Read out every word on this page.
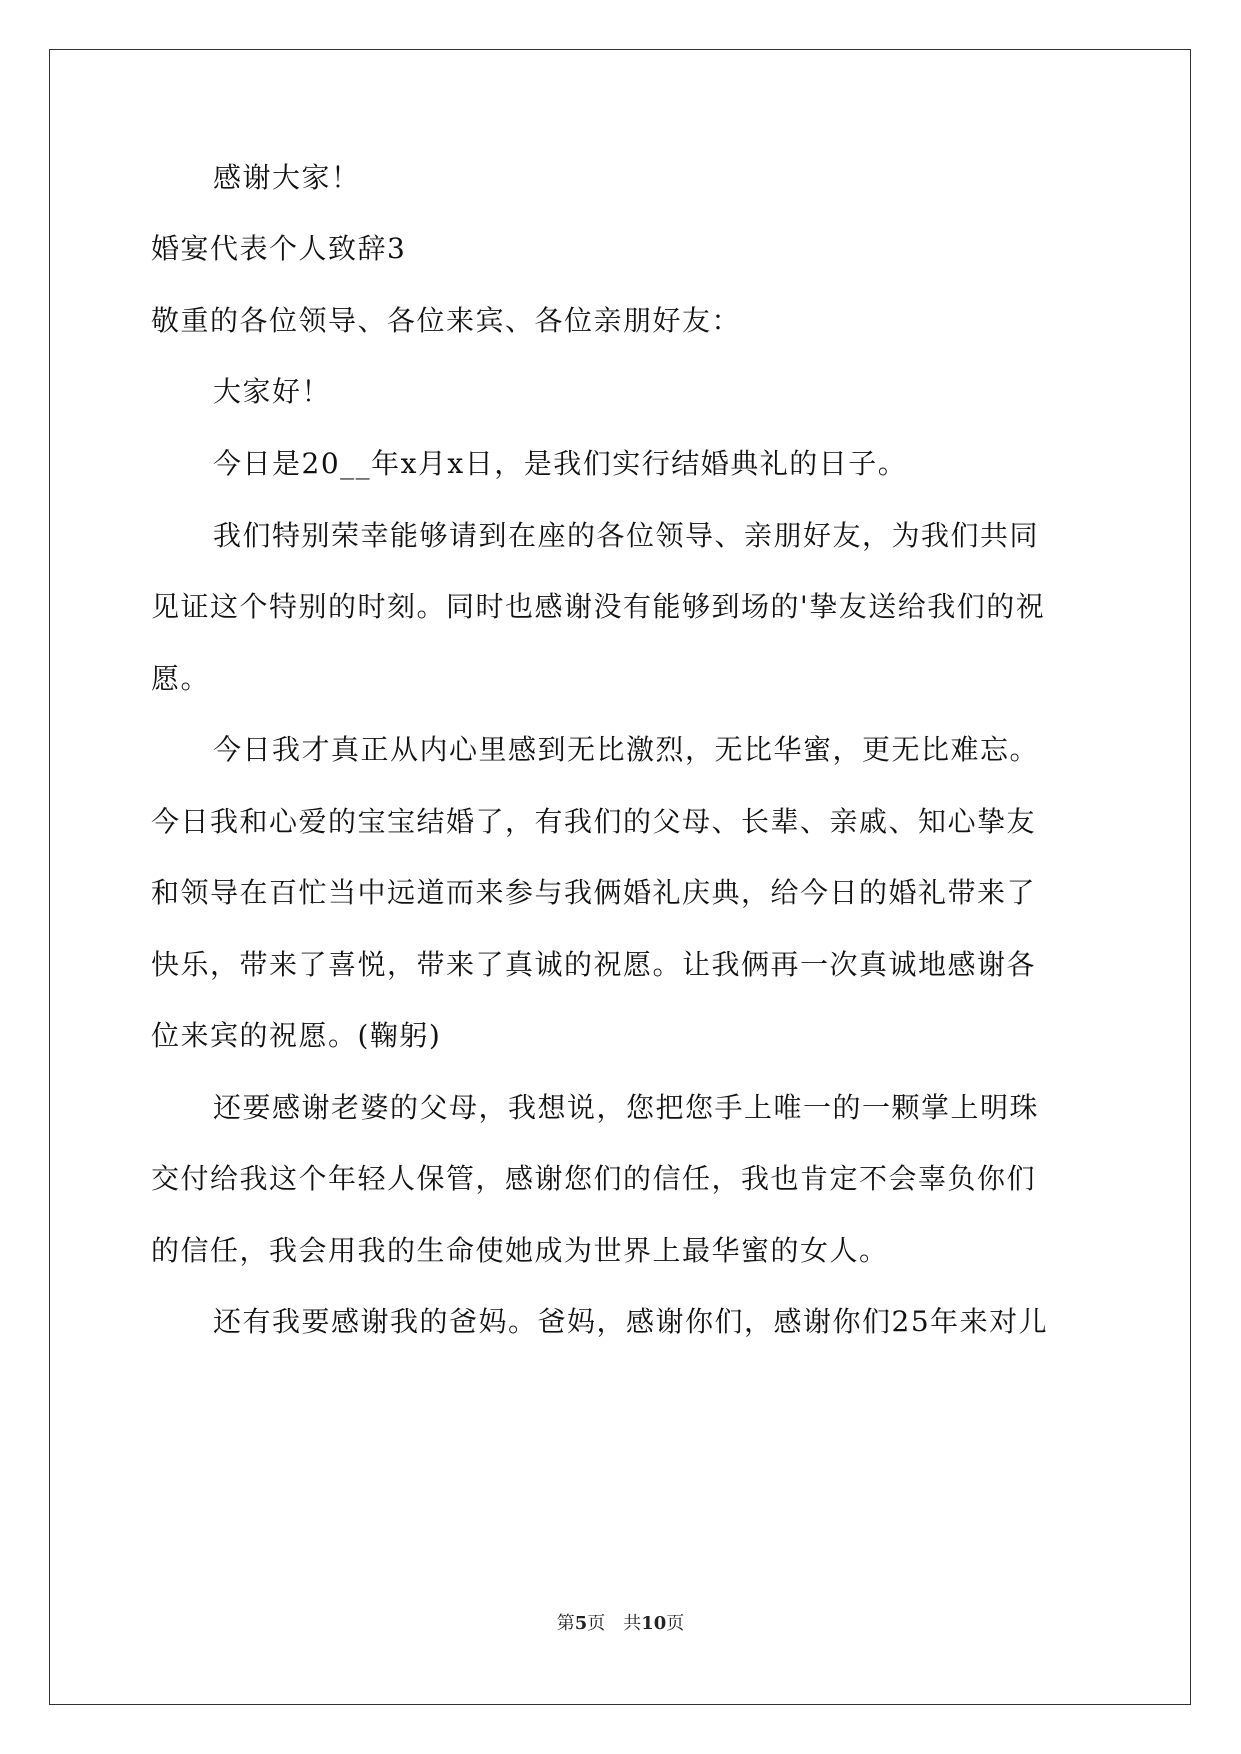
感谢大家！
婚宴代表个人致辞3
敬重的各位领导、各位来宾、各位亲朋好友：
大家好！
今日是20__年x月x日，是我们实行结婚典礼的日子。
我们特别荣幸能够请到在座的各位领导、亲朋好友，为我们共同
见证这个特别的时刻。同时也感谢没有能够到场的'挚友送给我们的祝
愿。
今日我才真正从内心里感到无比激烈，无比华蜜，更无比难忘。
今日我和心爱的宝宝结婚了，有我们的父母、长辈、亲戚、知心挚友
和领导在百忙当中远道而来参与我俩婚礼庆典，给今日的婚礼带来了
快乐，带来了喜悦，带来了真诚的祝愿。让我俩再一次真诚地感谢各
位来宾的祝愿。(鞠躬)
还要感谢老婆的父母，我想说，您把您手上唯一的一颗掌上明珠
交付给我这个年轻人保管，感谢您们的信任，我也肯定不会辜负你们
的信任，我会用我的生命使她成为世界上最华蜜的女人。
还有我要感谢我的爸妈。爸妈，感谢你们，感谢你们25年来对儿
第5页 共10页
